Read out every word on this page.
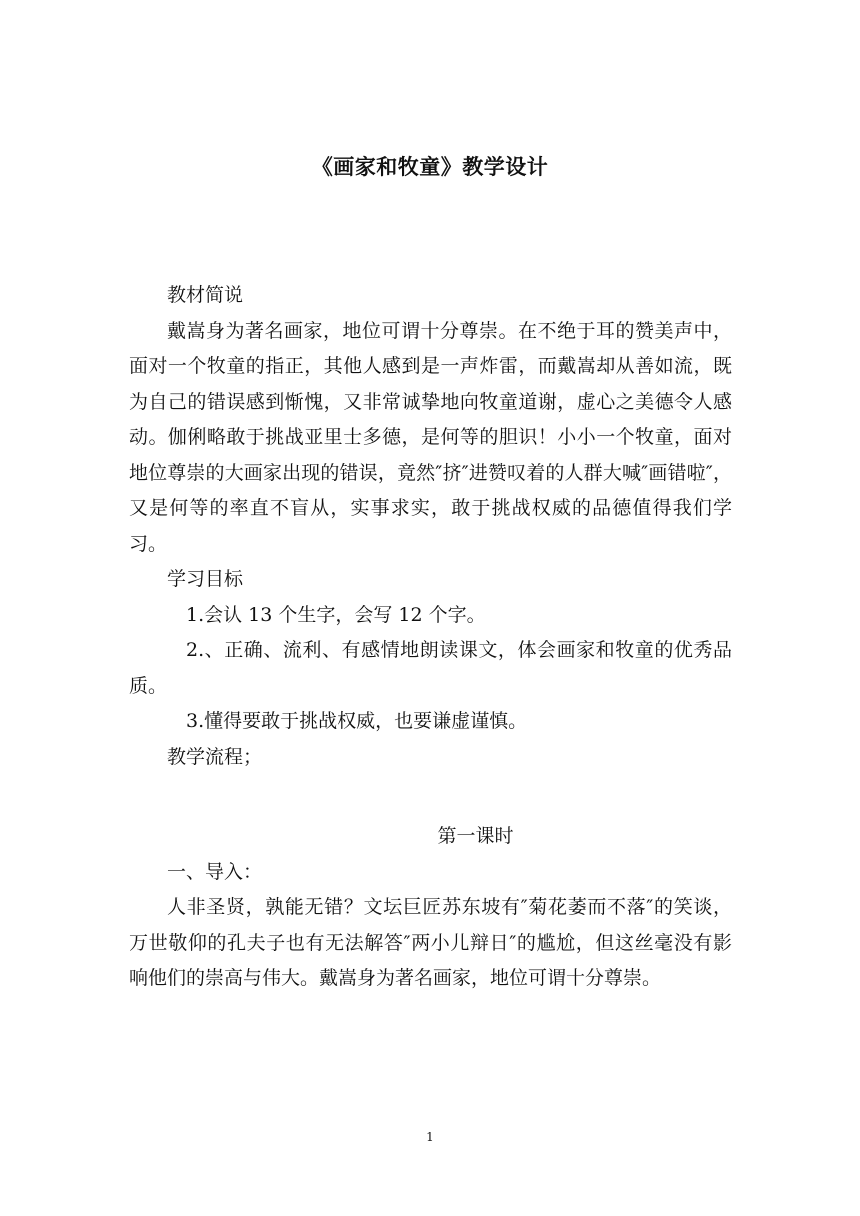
《画家和牧童》教学设计

教材简说

戴嵩身为著名画家，地位可谓十分尊崇。在不绝于耳的赞美声中，面对一个牧童的指正，其他人感到是一声炸雷，而戴嵩却从善如流，既为自己的错误感到惭愧，又非常诚挚地向牧童道谢，虚心之美德令人感动。伽俐略敢于挑战亚里士多德，是何等的胆识！小小一个牧童，面对地位尊崇的大画家出现的错误，竟然″挤″进赞叹着的人群大喊″画错啦″，又是何等的率直不盲从，实事求实，敢于挑战权威的品德值得我们学习。

学习目标

1.会认 13 个生字，会写 12 个字。

2.、正确、流利、有感情地朗读课文，体会画家和牧童的优秀品质。

3.懂得要敢于挑战权威，也要谦虚谨慎。

教学流程；

第一课时

一、导入：

人非圣贤，孰能无错？文坛巨匠苏东坡有″菊花萎而不落″的笑谈，万世敬仰的孔夫子也有无法解答″两小儿辩日″的尴尬，但这丝毫没有影响他们的崇高与伟大。戴嵩身为著名画家，地位可谓十分尊崇。

1
